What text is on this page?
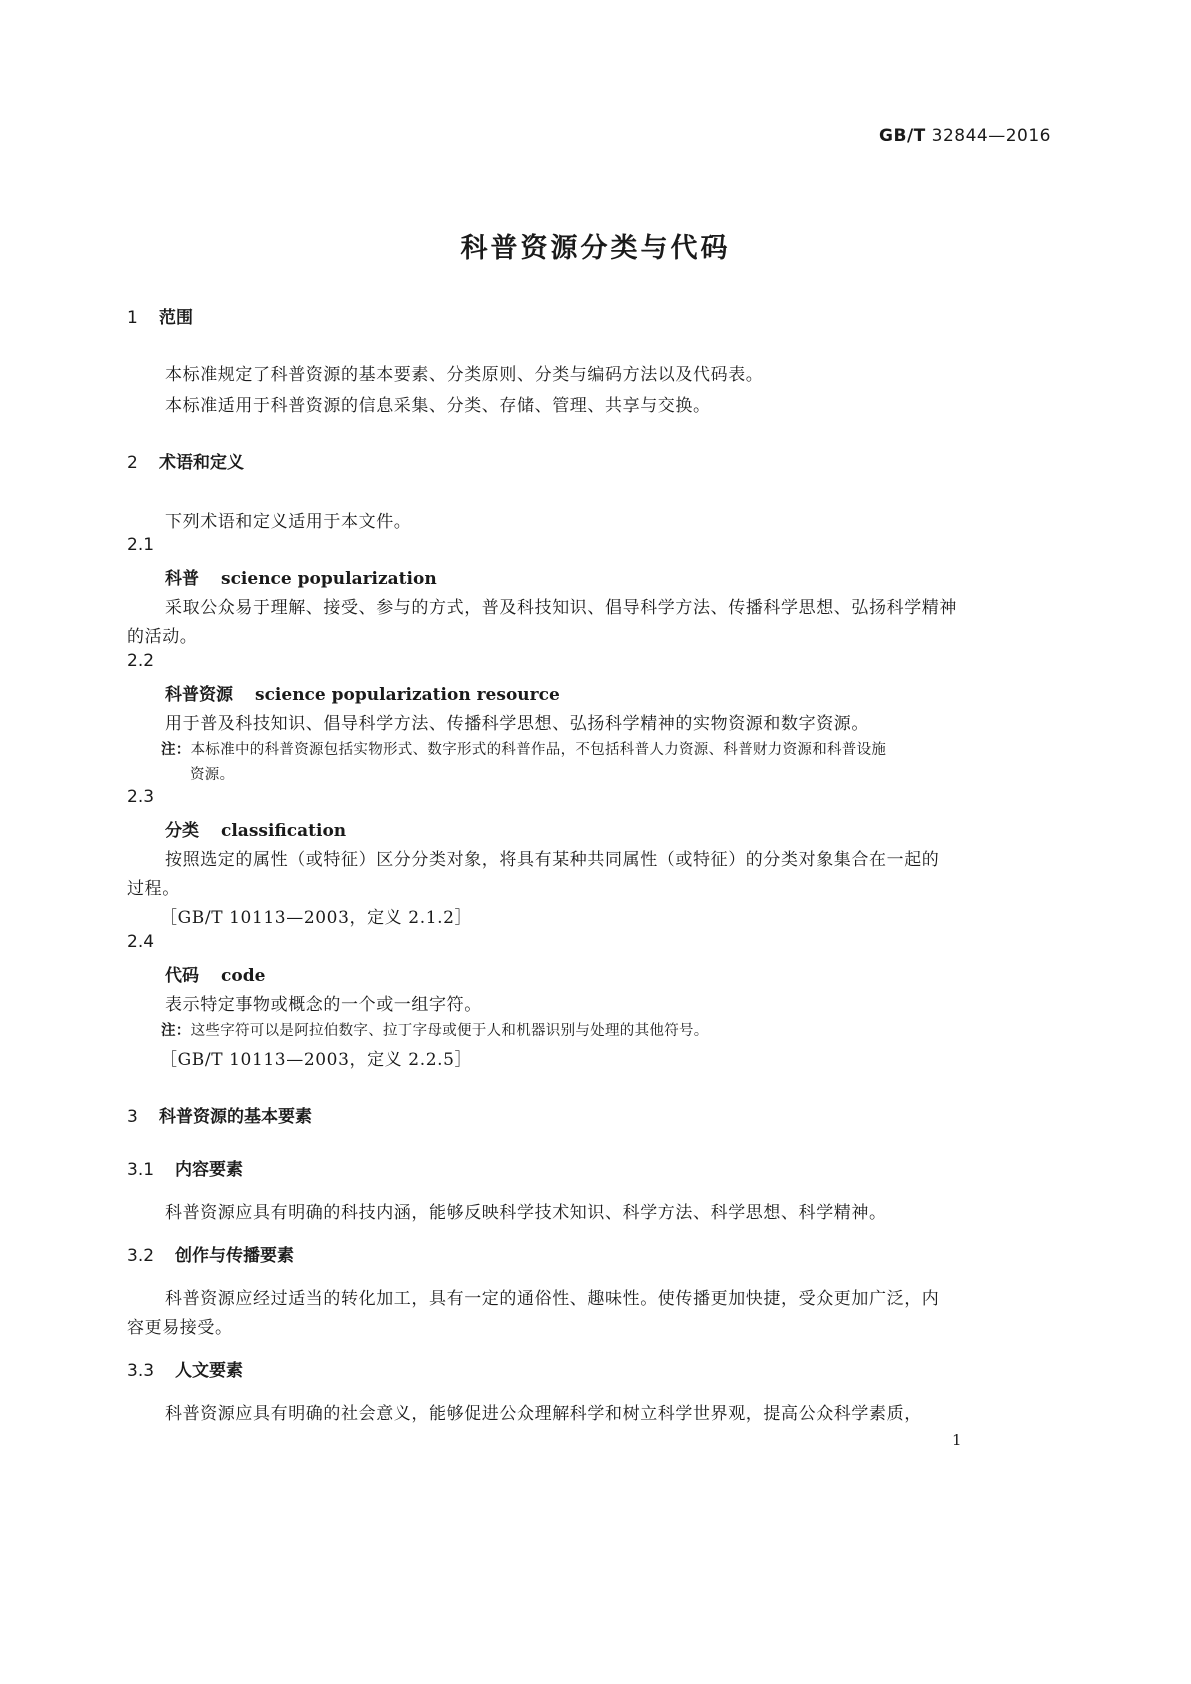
GB/T 32844—2016
科普资源分类与代码
1 范围
本标准规定了科普资源的基本要素、分类原则、分类与编码方法以及代码表。
本标准适用于科普资源的信息采集、分类、存储、管理、共享与交换。
2 术语和定义
下列术语和定义适用于本文件。
2.1
科普 science popularization
采取公众易于理解、接受、参与的方式，普及科技知识、倡导科学方法、传播科学思想、弘扬科学精神
的活动。
2.2
科普资源 science popularization resource
用于普及科技知识、倡导科学方法、传播科学思想、弘扬科学精神的实物资源和数字资源。
注：本标准中的科普资源包括实物形式、数字形式的科普作品，不包括科普人力资源、科普财力资源和科普设施
资源。
2.3
分类 classification
按照选定的属性（或特征）区分分类对象，将具有某种共同属性（或特征）的分类对象集合在一起的
过程。
［GB/T 10113—2003，定义 2.1.2］
2.4
代码 code
表示特定事物或概念的一个或一组字符。
注：这些字符可以是阿拉伯数字、拉丁字母或便于人和机器识别与处理的其他符号。
［GB/T 10113—2003，定义 2.2.5］
3 科普资源的基本要素
3.1 内容要素
科普资源应具有明确的科技内涵，能够反映科学技术知识、科学方法、科学思想、科学精神。
3.2 创作与传播要素
科普资源应经过适当的转化加工，具有一定的通俗性、趣味性。使传播更加快捷，受众更加广泛，内
容更易接受。
3.3 人文要素
科普资源应具有明确的社会意义，能够促进公众理解科学和树立科学世界观，提高公众科学素质，
1
